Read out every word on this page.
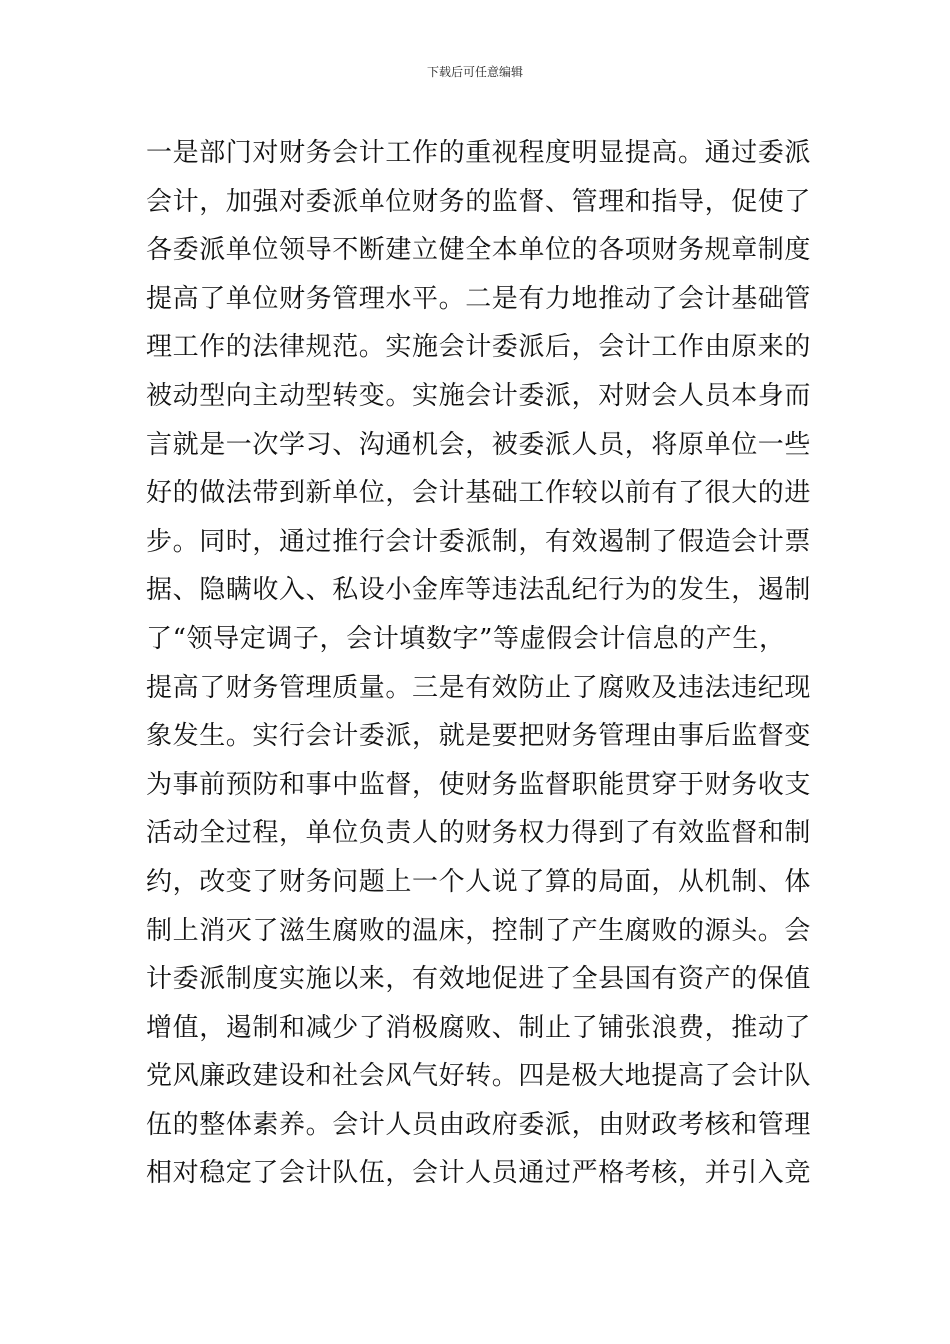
下载后可任意编辑
一是部门对财务会计工作的重视程度明显提高。通过委派
会计，加强对委派单位财务的监督、管理和指导，促使了
各委派单位领导不断建立健全本单位的各项财务规章制度
提高了单位财务管理水平。二是有力地推动了会计基础管
理工作的法律规范。实施会计委派后，会计工作由原来的
被动型向主动型转变。实施会计委派，对财会人员本身而
言就是一次学习、沟通机会，被委派人员，将原单位一些
好的做法带到新单位，会计基础工作较以前有了很大的进
步。同时，通过推行会计委派制，有效遏制了假造会计票
据、隐瞒收入、私设小金库等违法乱纪行为的发生，遏制
了“领导定调子，会计填数字”等虚假会计信息的产生，
提高了财务管理质量。三是有效防止了腐败及违法违纪现
象发生。实行会计委派，就是要把财务管理由事后监督变
为事前预防和事中监督，使财务监督职能贯穿于财务收支
活动全过程，单位负责人的财务权力得到了有效监督和制
约，改变了财务问题上一个人说了算的局面，从机制、体
制上消灭了滋生腐败的温床，控制了产生腐败的源头。会
计委派制度实施以来，有效地促进了全县国有资产的保值
增值，遏制和减少了消极腐败、制止了铺张浪费，推动了
党风廉政建设和社会风气好转。四是极大地提高了会计队
伍的整体素养。会计人员由政府委派，由财政考核和管理
相对稳定了会计队伍，会计人员通过严格考核，并引入竞
